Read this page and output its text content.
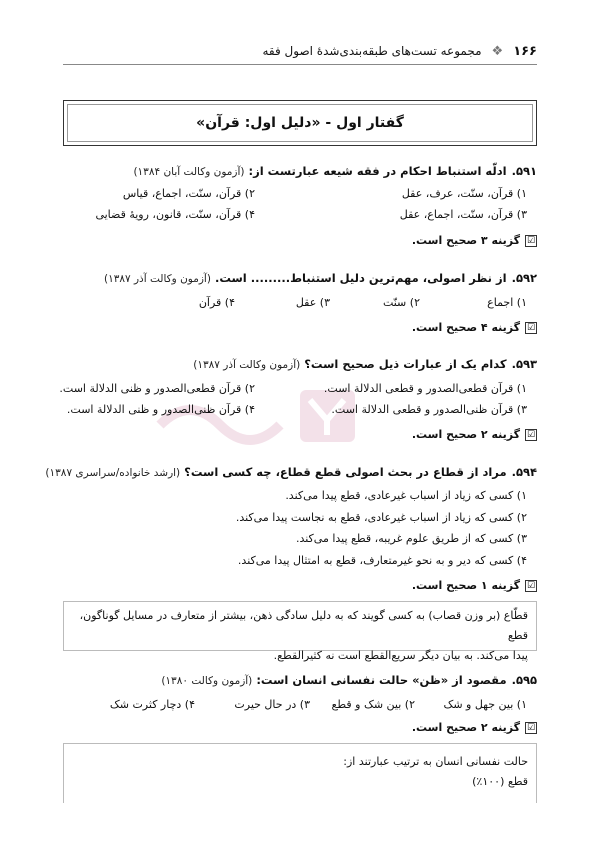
۱۶۶
❖
مجموعه تست‌های طبقه‌بندی‌شدهٔ اصول فقه
گفتار اول - «دلیل اول: قرآن»
۵۹۱.ادلّه استنباط احکام در فقه شیعه عبارتست از: (آزمون وکالت آبان ۱۳۸۴)
۱) قرآن، سنّت، عرف، عقل
۲) قرآن، سنّت، اجماع، قیاس
۳) قرآن، سنّت، اجماع، عقل
۴) قرآن، سنّت، قانون، رویهٔ قضایی
☑
گزینه ۳ صحیح است.
۵۹۲.از نظر اصولی، مهم‌ترین دلیل استنباط......... است. (آزمون وکالت آذر ۱۳۸۷)
۱) اجماع
۲) سنّت
۳) عقل
۴) قرآن
☑
گزینه ۴ صحیح است.
۵۹۳.کدام یک از عبارات ذیل صحیح است؟ (آزمون وکالت آذر ۱۳۸۷)
۱) قرآن قطعی‌الصدور و قطعی الدلالة است.
۲) قرآن قطعی‌الصدور و ظنی الدلالة است.
۳) قرآن ظنی‌الصدور و قطعی الدلالة است.
۴) قرآن ظنی‌الصدور و ظنی الدلالة است.
☑
گزینه ۲ صحیح است.
۵۹۴.مراد از قطاع در بحث اصولی قطع قطاع، چه کسی است؟ (ارشد خانواده/سراسری ۱۳۸۷)
۱) کسی که زیاد از اسباب غیرعادی، قطع پیدا می‌کند.
۲) کسی که زیاد از اسباب غیرعادی، قطع به نجاست پیدا می‌کند.
۳) کسی که از طریق علوم غریبه، قطع پیدا می‌کند.
۴) کسی که دیر و به نحو غیرمتعارف، قطع به امتثال پیدا می‌کند.
☑
گزینه ۱ صحیح است.
قطّاع (بر وزن قصاب) به کسی گویند که به دلیل سادگی ذهن، بیشتر از متعارف در مسایل گوناگون، قطع
پیدا می‌کند. به بیان دیگر سریع‌القطع است نه کثیرالقطع.
۵۹۵.مقصود از «ظن» حالت نفسانی انسان است: (آزمون وکالت ۱۳۸۰)
۱) بین جهل و شک
۲) بین شک و قطع
۳) در حال حیرت
۴) دچار کثرت شک
☑
گزینه ۲ صحیح است.
حالت نفسانی انسان به ترتیب عبارتند از:
قطع (۱۰۰٪)
